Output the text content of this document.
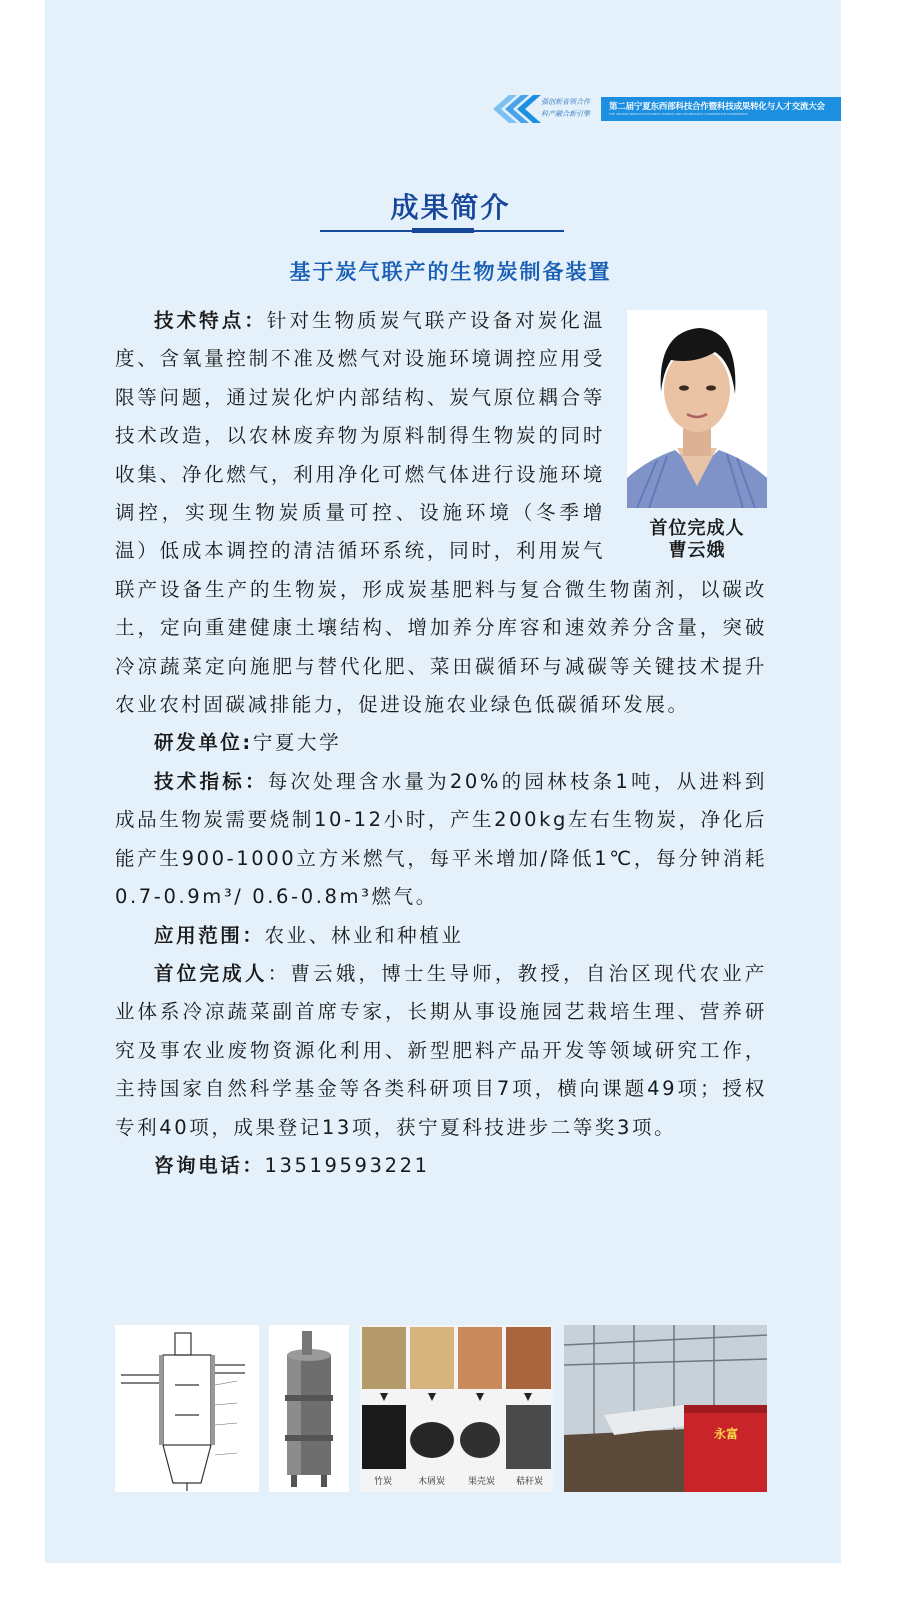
强创新省领合作
科产融合新引擎
第二届宁夏东西部科技合作暨科技成果转化与人才交流大会
THE SECOND NINGXIA EAST-WEST SCIENCE AND TECHNOLOGY COOPERATION CONFERENCE
成果简介
基于炭气联产的生物炭制备装置
首位完成人
曹云娥

技术特点：针对生物质炭气联产设备对炭化温度、含氧量控制不准及燃气对设施环境调控应用受限等问题，通过炭化炉内部结构、炭气原位耦合等技术改造，以农林废弃物为原料制得生物炭的同时收集、净化燃气，利用净化可燃气体进行设施环境调控，实现生物炭质量可控、设施环境（冬季增温）低成本调控的清洁循环系统，同时，利用炭气联产设备生产的生物炭，形成炭基肥料与复合微生物菌剂，以碳改土，定向重建健康土壤结构、增加养分库容和速效养分含量，突破冷凉蔬菜定向施肥与替代化肥、菜田碳循环与减碳等关键技术提升农业农村固碳减排能力，促进设施农业绿色低碳循环发展。

研发单位:宁夏大学

技术指标：每次处理含水量为20%的园林枝条1吨，从进料到成品生物炭需要烧制10-12小时，产生200kg左右生物炭，净化后能产生900-1000立方米燃气，每平米增加/降低1℃，每分钟消耗0.7-0.9m³/ 0.6-0.8m³燃气。

应用范围：农业、林业和种植业

首位完成人：曹云娥，博士生导师，教授，自治区现代农业产业体系冷凉蔬菜副首席专家，长期从事设施园艺栽培生理、营养研究及事农业废物资源化利用、新型肥料产品开发等领域研究工作，主持国家自然科学基金等各类科研项目7项，横向课题49项；授权专利40项，成果登记13项，获宁夏科技进步二等奖3项。

咨询电话：13519593221

竹炭	木屑炭	果壳炭 秸秆炭
永富
